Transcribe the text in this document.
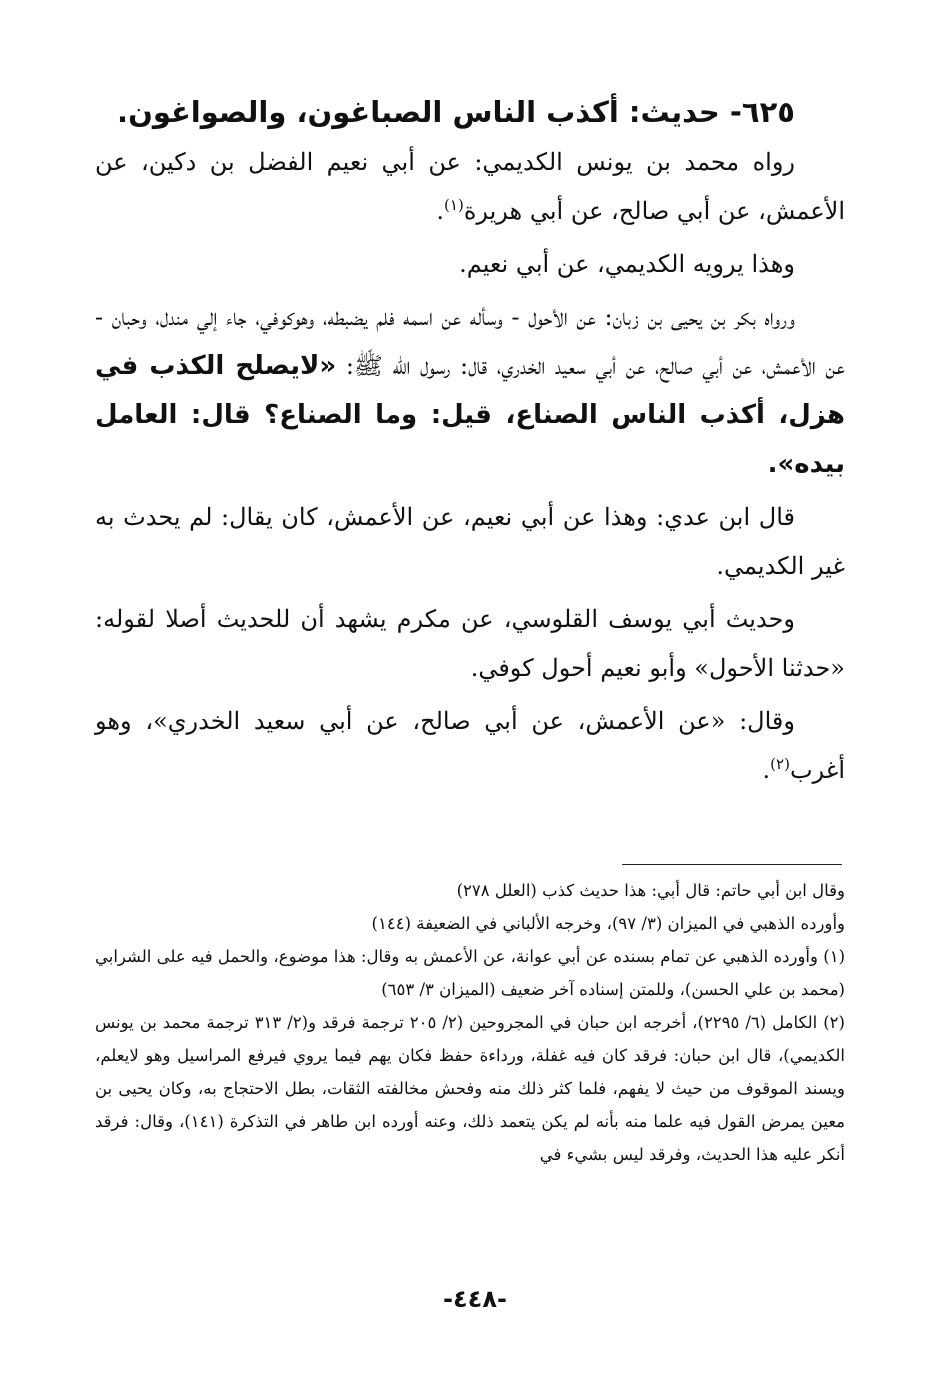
٦٢٥- حديث: أكذب الناس الصباغون، والصواغون.

رواه محمد بن يونس الكديمي: عن أبي نعيم الفضل بن دكين، عن الأعمش، عن أبي صالح، عن أبي هريرة$^{(١)}$.

وهذا يرويه الكديمي، عن أبي نعيم.

ورواه بكر بن يحيى بن زبان: عن الأحول - وسأله عن اسمه فلم يضبطه، وهوكوفي، جاء إلي مندل، وحبان - عن الأعمش، عن أبي صالح، عن أبي سعيد الخدري، قال: رسول الله ﷺ: «لايصلح الكذب في هزل، أكذب الناس الصناع، قيل: وما الصناع؟ قال: العامل بيده».

قال ابن عدي: وهذا عن أبي نعيم، عن الأعمش، كان يقال: لم يحدث به غير الكديمي.

وحديث أبي يوسف القلوسي، عن مكرم يشهد أن للحديث أصلا لقوله: «حدثنا الأحول» وأبو نعيم أحول كوفي.

وقال: «عن الأعمش، عن أبي صالح، عن أبي سعيد الخدري»، وهو أغرب$^{(٢)}$.

وقال ابن أبي حاتم: قال أبي: هذا حديث كذب (العلل ٢٧٨)

وأورده الذهبي في الميزان (٣/ ٩٧)، وخرجه الألباني في الضعيفة (١٤٤)

(١) وأورده الذهبي عن تمام بسنده عن أبي عوانة، عن الأعمش به وقال: هذا موضوع، والحمل فيه على الشرابي (محمد بن علي الحسن)، وللمتن إسناده آخر ضعيف (الميزان ٣/ ٦٥٣)

(٢) الكامل (٦/ ٢٢٩٥)، أخرجه ابن حبان في المجروحين (٢/ ٢٠٥ ترجمة فرقد و(٢/ ٣١٣ ترجمة محمد بن يونس الكديمي)، قال ابن حبان: فرقد كان فيه غفلة، ورداءة حفظ فكان يهم فيما يروي فيرفع المراسيل وهو لايعلم، ويسند الموقوف من حيث لا يفهم، فلما كثر ذلك منه وفحش مخالفته الثقات، بطل الاحتجاج به، وكان يحيى بن معين يمرض القول فيه علما منه بأنه لم يكن يتعمد ذلك، وعنه أورده ابن طاهر في التذكرة (١٤١)، وقال: فرقد أنكر عليه هذا الحديث، وفرقد ليس بشيء في

-٤٤٨-
